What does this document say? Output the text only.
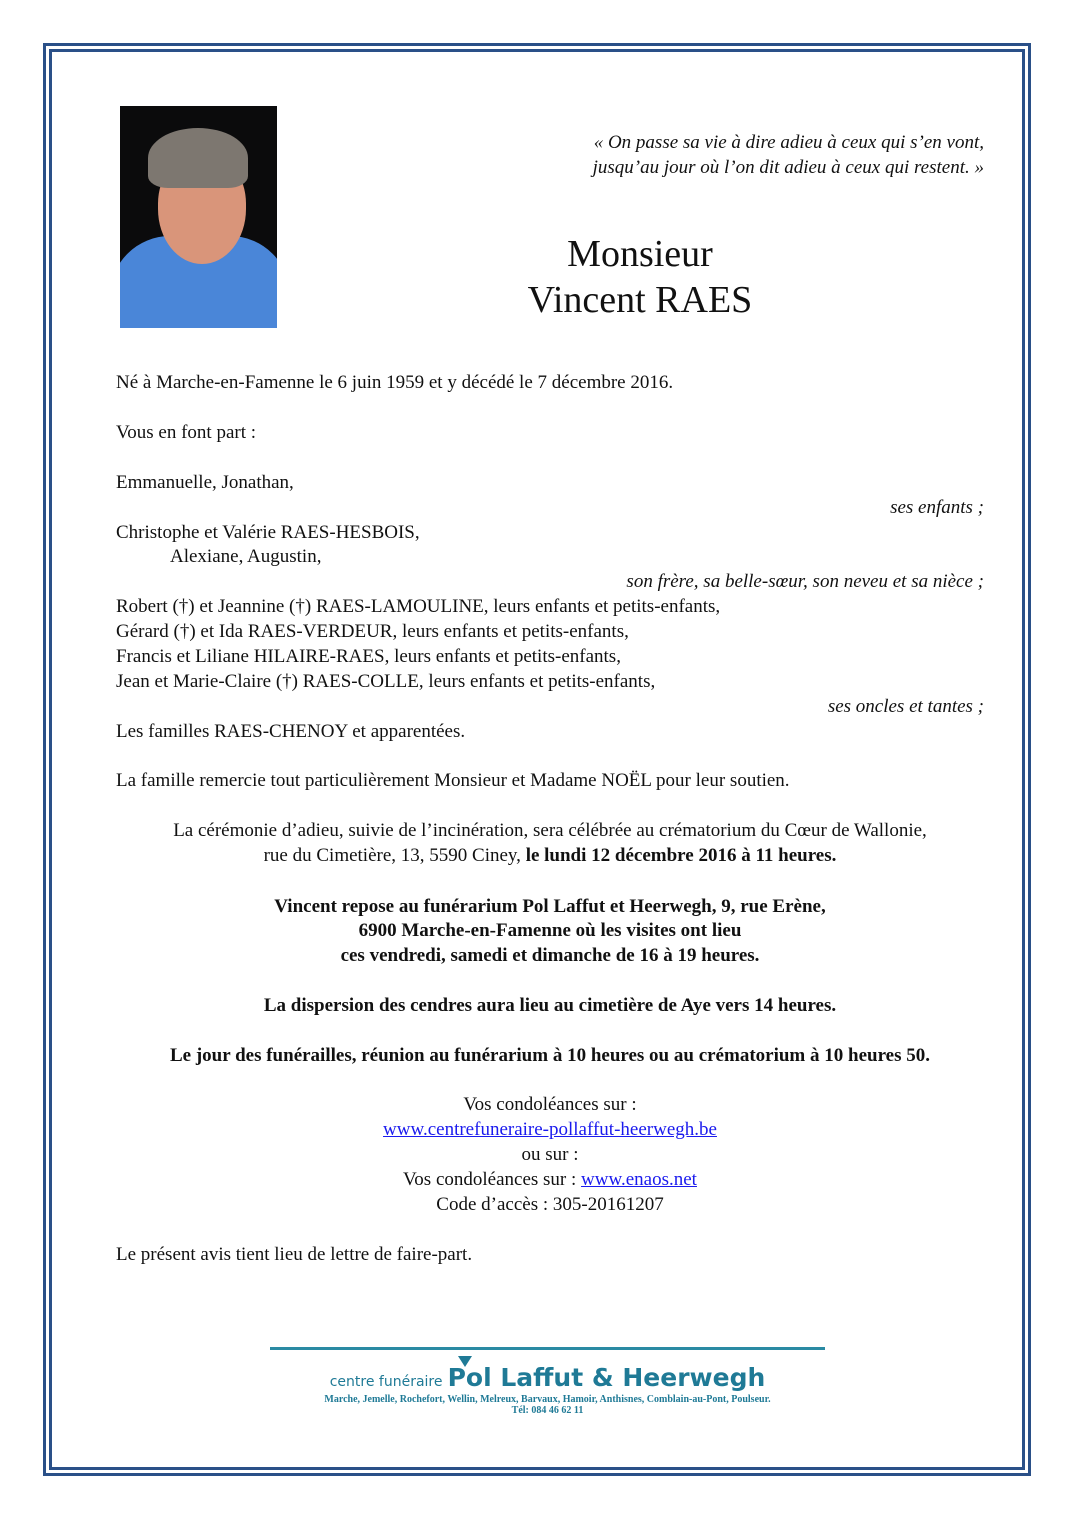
« On passe sa vie à dire adieu à ceux qui s’en vont,
jusqu’au jour où l’on dit adieu à ceux qui restent. »
Monsieur
Vincent RAES
Né à Marche-en-Famenne le 6 juin 1959 et y décédé le 7 décembre 2016.
Vous en font part :
Emmanuelle, Jonathan,
ses enfants ;
Christophe et Valérie RAES-HESBOIS,
Alexiane, Augustin,
son frère, sa belle-sœur, son neveu et sa nièce ;
Robert (†) et Jeannine (†) RAES-LAMOULINE, leurs enfants et petits-enfants,
Gérard (†) et Ida RAES-VERDEUR, leurs enfants et petits-enfants,
Francis et Liliane HILAIRE-RAES, leurs enfants et petits-enfants,
Jean et Marie-Claire (†) RAES-COLLE, leurs enfants et petits-enfants,
ses oncles et tantes ;
Les familles RAES-CHENOY et apparentées.
La famille remercie tout particulièrement Monsieur et Madame NOËL pour leur soutien.
La cérémonie d’adieu, suivie de l’incinération, sera célébrée au crématorium du Cœur de Wallonie,
rue du Cimetière, 13, 5590 Ciney, le lundi 12 décembre 2016 à 11 heures.
Vincent repose au funérarium Pol Laffut et Heerwegh, 9, rue Erène,
6900 Marche-en-Famenne où les visites ont lieu
ces vendredi, samedi et dimanche de 16 à 19 heures.
La dispersion des cendres aura lieu au cimetière de Aye vers 14 heures.
Le jour des funérailles, réunion au funérarium à 10 heures ou au crématorium à 10 heures 50.
Vos condoléances sur :
www.centrefuneraire-pollaffut-heerwegh.be
ou sur :
Vos condoléances sur : www.enaos.net
Code d’accès : 305-20161207
Le présent avis tient lieu de lettre de faire-part.
centre funéraire Pol Laffut & Heerwegh
Marche, Jemelle, Rochefort, Wellin, Melreux, Barvaux, Hamoir, Anthisnes, Comblain-au-Pont, Poulseur.
Tél: 084 46 62 11
